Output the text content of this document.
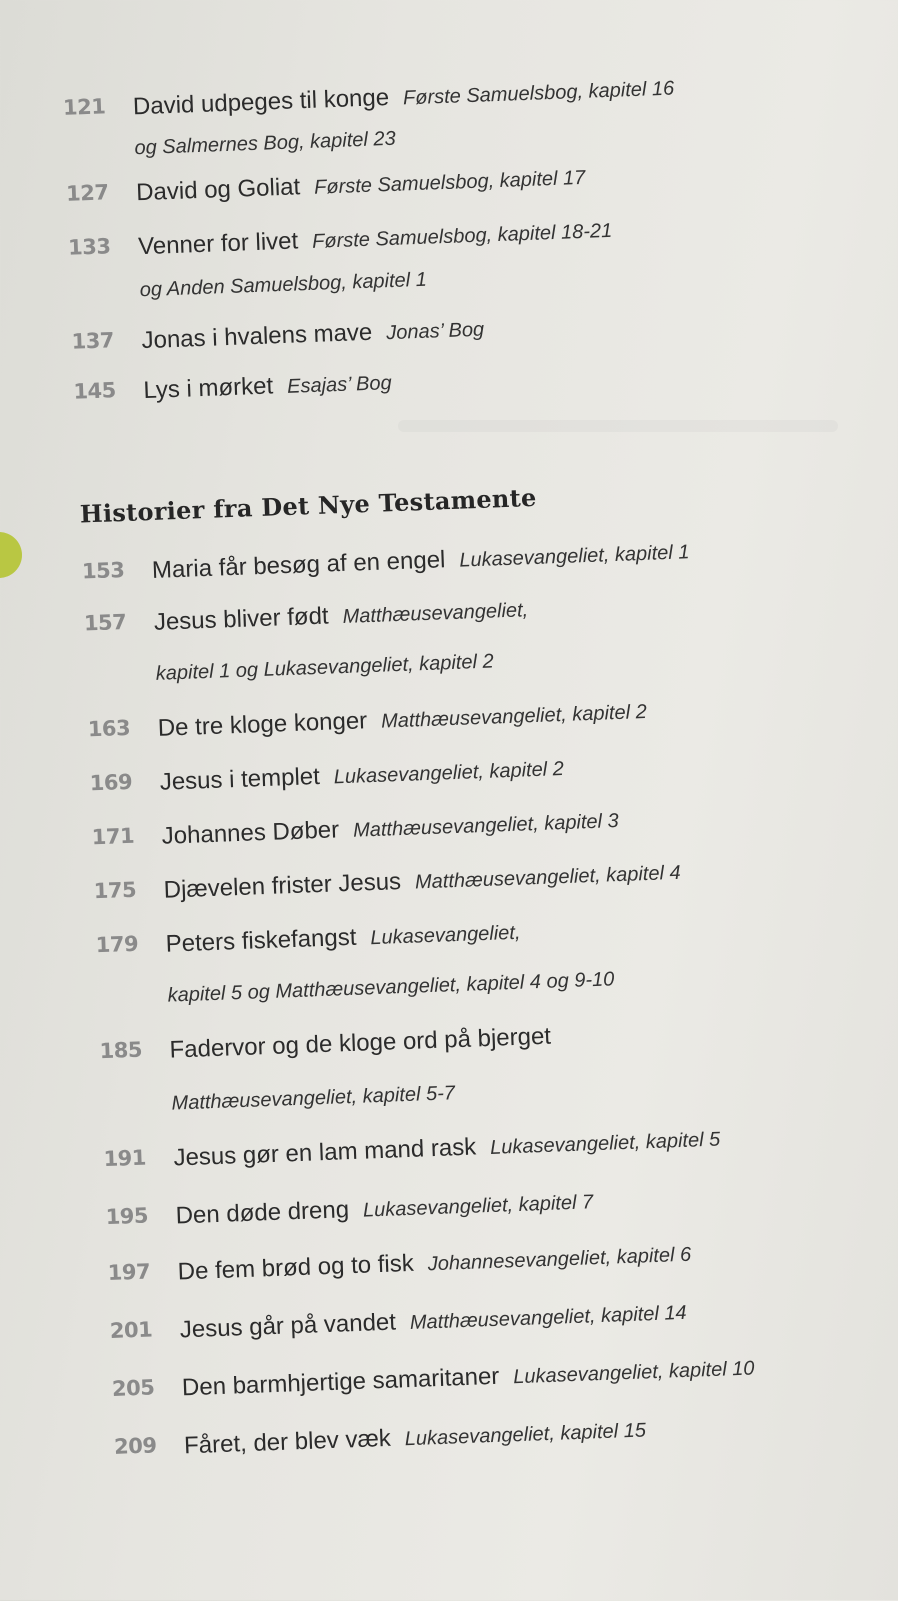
121	David udpeges til konge Første Samuelsbog, kapitel 16
og Salmernes Bog, kapitel 23
127	David og Goliat Første Samuelsbog, kapitel 17
133	Venner for livet Første Samuelsbog, kapitel 18-21
og Anden Samuelsbog, kapitel 1
137	Jonas i hvalens mave Jonas’ Bog
145	Lys i mørket Esajas’ Bog
Historier fra Det Nye Testamente
153	Maria får besøg af en engel Lukasevangeliet, kapitel 1
157	Jesus bliver født Matthæusevangeliet,
kapitel 1 og Lukasevangeliet, kapitel 2
163	De tre kloge konger Matthæusevangeliet, kapitel 2
169	Jesus i templet Lukasevangeliet, kapitel 2
171	Johannes Døber Matthæusevangeliet, kapitel 3
175	Djævelen frister Jesus Matthæusevangeliet, kapitel 4
179	Peters fiskefangst Lukasevangeliet,
kapitel 5 og Matthæusevangeliet, kapitel 4 og 9-10
185	Fadervor og de kloge ord på bjerget
Matthæusevangeliet, kapitel 5-7
191	Jesus gør en lam mand rask Lukasevangeliet, kapitel 5
195	Den døde dreng Lukasevangeliet, kapitel 7
197	De fem brød og to fisk Johannesevangeliet, kapitel 6
201	Jesus går på vandet Matthæusevangeliet, kapitel 14
205	Den barmhjertige samaritaner Lukasevangeliet, kapitel 10
209	Fåret, der blev væk Lukasevangeliet, kapitel 15
